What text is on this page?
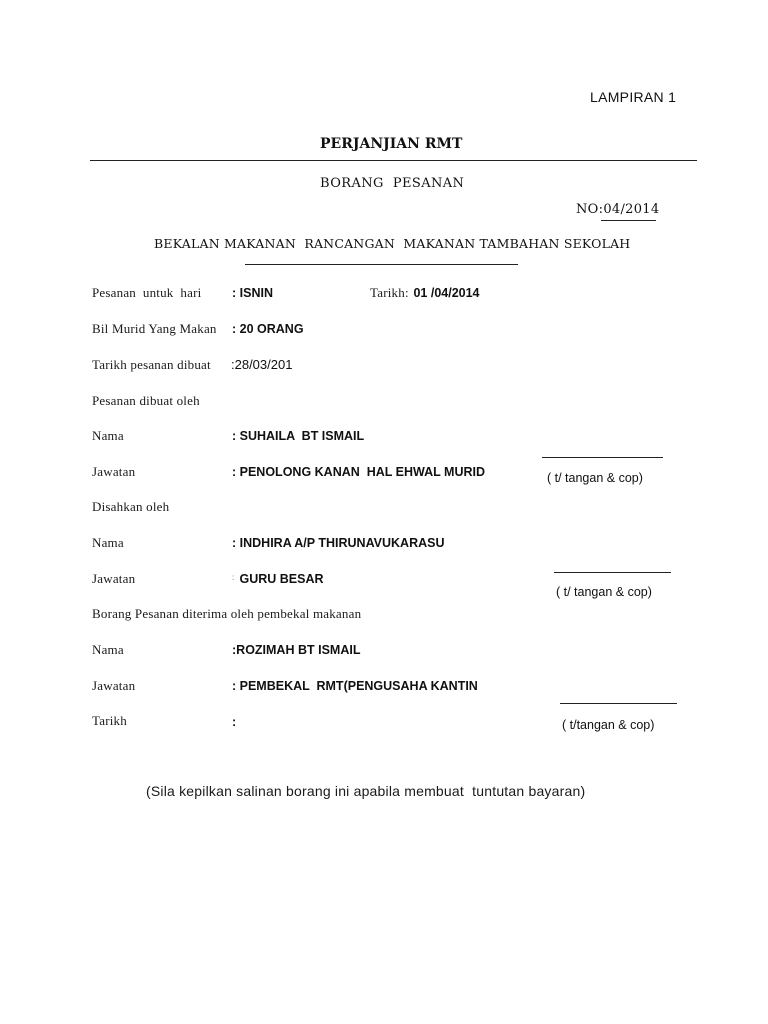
LAMPIRAN 1
PERJANJIAN RMT
BORANG  PESANAN
NO:04/2014
BEKALAN MAKANAN  RANCANGAN  MAKANAN TAMBAHAN SEKOLAH
Pesanan  untuk  hari : ISNIN	Tarikh: 01 /04/2014
Bil Murid Yang Makan : 20 ORANG
Tarikh pesanan dibuat :28/03/201
Pesanan dibuat oleh
Nama	: SUHAILA  BT ISMAIL
Jawatan	: PENOLONG KANAN  HAL EHWAL MURID	( t/ tangan & cop)
Disahkan oleh
Nama	: INDHIRA A/P THIRUNAVUKARASU
Jawatan	: GURU BESAR
( t/ tangan & cop)
Borang Pesanan diterima oleh pembekal makanan
Nama	:ROZIMAH BT ISMAIL
Jawatan	: PEMBEKAL  RMT(PENGUSAHA KANTIN
Tarikh	:	( t/tangan & cop)
(Sila kepilkan salinan borang ini apabila membuat  tuntutan bayaran)
